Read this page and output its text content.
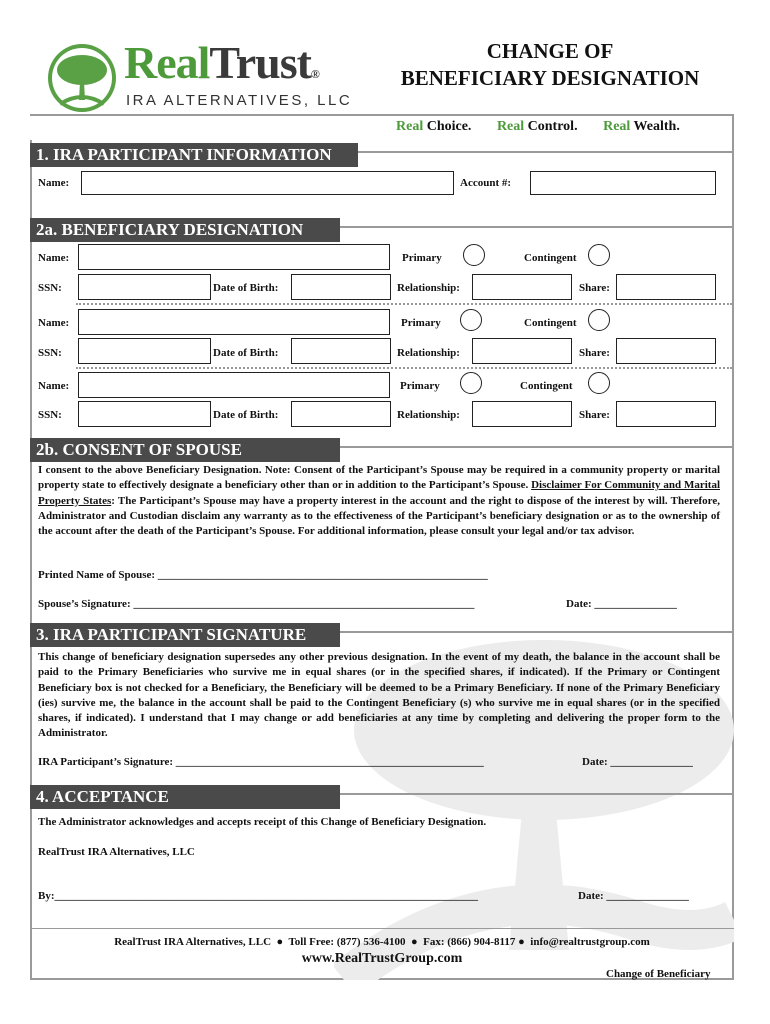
RealTrust®
IRA ALTERNATIVES, LLC
CHANGE OF
BENEFICIARY DESIGNATION
Real Choice. Real Control. Real Wealth.
1. IRA PARTICIPANT INFORMATION
Name:	Account #:
2a. BENEFICIARY DESIGNATION
Name:	Primary	Contingent
SSN:	Date of Birth:	Relationship:	Share:
Name:	Primary	Contingent
SSN:	Date of Birth:	Relationship:	Share:
Name:	Primary	Contingent
SSN:	Date of Birth:	Relationship:	Share:
2b. CONSENT OF SPOUSE
I consent to the above Beneficiary Designation. Note: Consent of the Participant’s Spouse may be required in a community property or marital property state to effectively designate a beneficiary other than or in addition to the Participant’s Spouse. Disclaimer For Community and Marital Property States: The Participant’s Spouse may have a property interest in the account and the right to dispose of the interest by will. Therefore, Administrator and Custodian disclaim any warranty as to the effectiveness of the Participant’s beneficiary designation or as to the ownership of the account after the death of the Participant’s Spouse. For additional information, please consult your legal and/or tax advisor.
Printed Name of Spouse: ____________________________________________________________
Spouse’s Signature: ______________________________________________________________	Date: _______________
3. IRA PARTICIPANT SIGNATURE
This change of beneficiary designation supersedes any other previous designation. In the event of my death, the balance in the account shall be paid to the Primary Beneficiaries who survive me in equal shares (or in the specified shares, if indicated). If the Primary or Contingent Beneficiary box is not checked for a Beneficiary, the Beneficiary will be deemed to be a Primary Beneficiary. If none of the Primary Beneficiary (ies) survive me, the balance in the account shall be paid to the Contingent Beneficiary (s) who survive me in equal shares (or in the specified shares, if indicated). I understand that I may change or add beneficiaries at any time by completing and delivering the proper form to the Administrator.
IRA Participant’s Signature: ________________________________________________________	Date: _______________
4. ACCEPTANCE
The Administrator acknowledges and accepts receipt of this Change of Beneficiary Designation.
RealTrust IRA Alternatives, LLC
By:_____________________________________________________________________________	Date: _______________
RealTrust IRA Alternatives, LLC  ●  Toll Free: (877) 536-4100  ●  Fax: (866) 904-8117 ●  info@realtrustgroup.com
www.RealTrustGroup.com
Change of Beneficiary
